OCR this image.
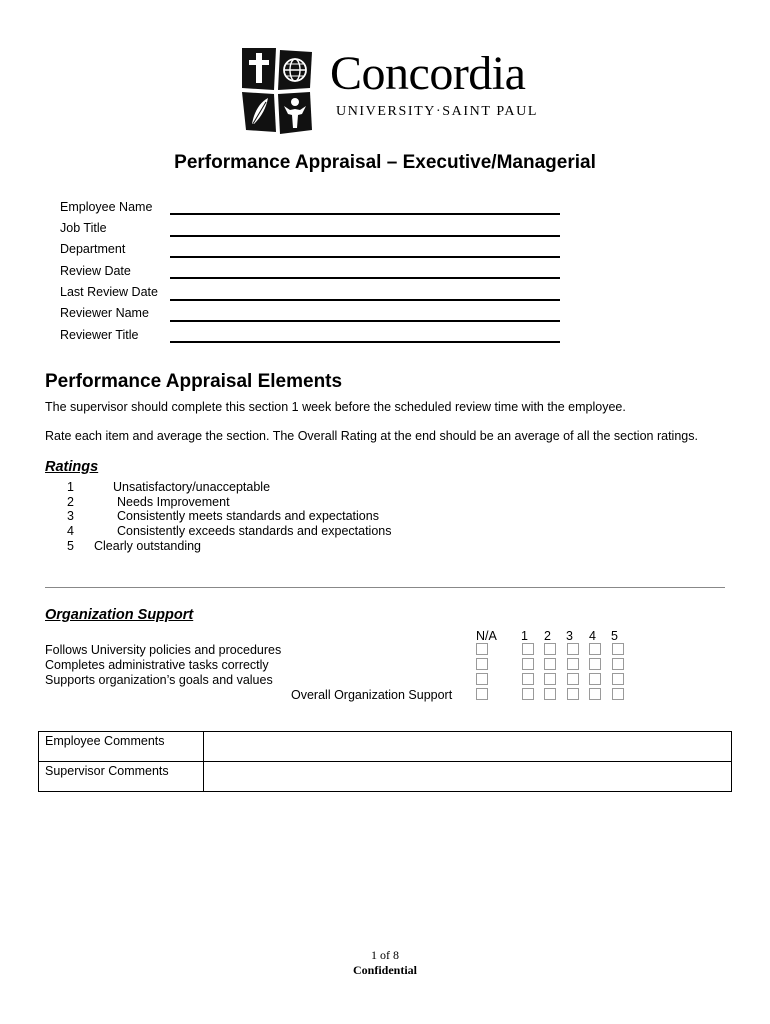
Concordia
UNIVERSITY·SAINT PAUL
Performance Appraisal – Executive/Managerial
Employee Name
Job Title
Department
Review Date
Last Review Date
Reviewer Name
Reviewer Title
Performance Appraisal Elements
The supervisor should complete this section 1 week before the scheduled review time with the employee.
Rate each item and average the section. The Overall Rating at the end should be an average of all the section ratings.
Ratings
1	Unsatisfactory/unacceptable
2	Needs Improvement
3	Consistently meets standards and expectations
4	Consistently exceeds standards and expectations
5 Clearly outstanding
Organization Support
N/A 1 2 3 4 5
Follows University policies and procedures
Completes administrative tasks correctly
Supports organization’s goals and values
Overall Organization Support
Employee Comments	
Supervisor Comments	
1 of 8
Confidential
